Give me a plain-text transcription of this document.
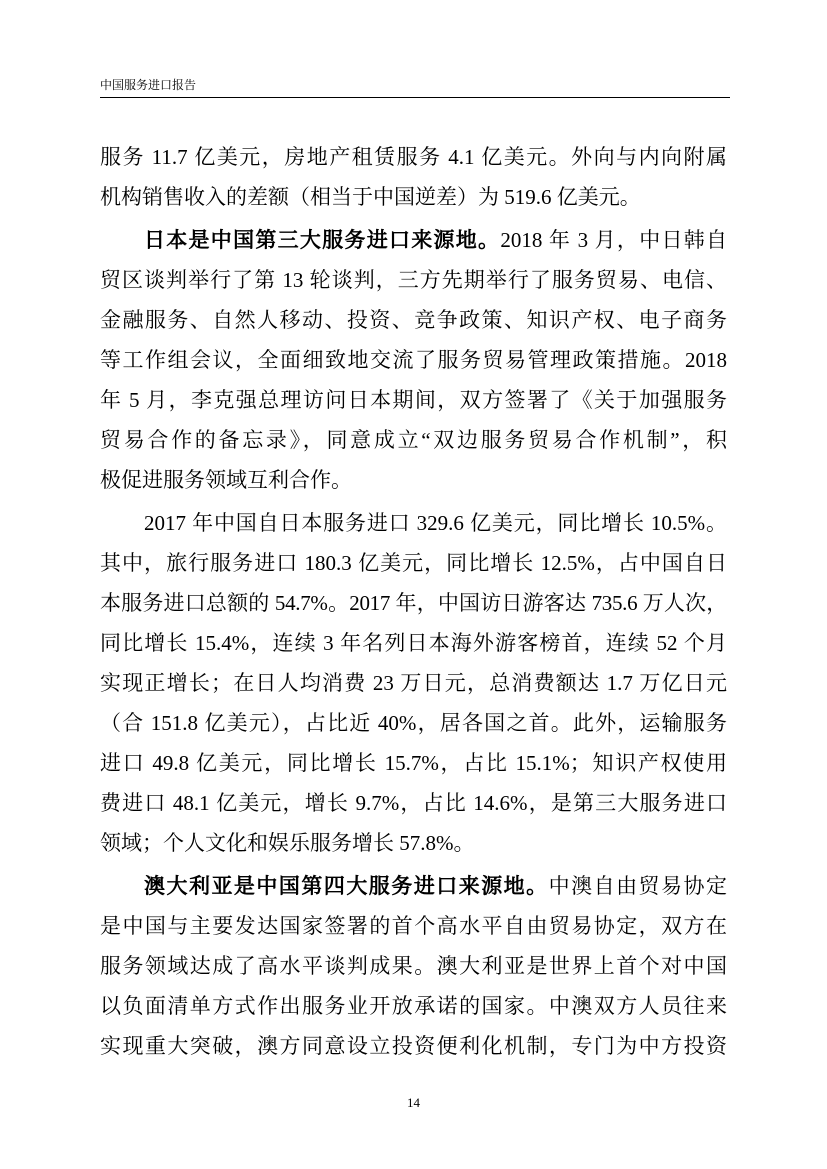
中国服务进口报告
服务 11.7 亿美元，房地产租赁服务 4.1 亿美元。外向与内向附属
机构销售收入的差额（相当于中国逆差）为 519.6 亿美元。
日本是中国第三大服务进口来源地。2018 年 3 月，中日韩自
贸区谈判举行了第 13 轮谈判，三方先期举行了服务贸易、电信、
金融服务、自然人移动、投资、竞争政策、知识产权、电子商务
等工作组会议，全面细致地交流了服务贸易管理政策措施。2018
年 5 月，李克强总理访问日本期间，双方签署了《关于加强服务
贸易合作的备忘录》，同意成立“双边服务贸易合作机制”，积
极促进服务领域互利合作。
2017 年中国自日本服务进口 329.6 亿美元，同比增长 10.5%。
其中，旅行服务进口 180.3 亿美元，同比增长 12.5%，占中国自日
本服务进口总额的 54.7%。2017 年，中国访日游客达 735.6 万人次，
同比增长 15.4%，连续 3 年名列日本海外游客榜首，连续 52 个月
实现正增长；在日人均消费 23 万日元，总消费额达 1.7 万亿日元
（合 151.8 亿美元），占比近 40%，居各国之首。此外，运输服务
进口 49.8 亿美元，同比增长 15.7%，占比 15.1%；知识产权使用
费进口 48.1 亿美元，增长 9.7%，占比 14.6%，是第三大服务进口
领域；个人文化和娱乐服务增长 57.8%。
澳大利亚是中国第四大服务进口来源地。中澳自由贸易协定
是中国与主要发达国家签署的首个高水平自由贸易协定，双方在
服务领域达成了高水平谈判成果。澳大利亚是世界上首个对中国
以负面清单方式作出服务业开放承诺的国家。中澳双方人员往来
实现重大突破，澳方同意设立投资便利化机制，专门为中方投资
14
